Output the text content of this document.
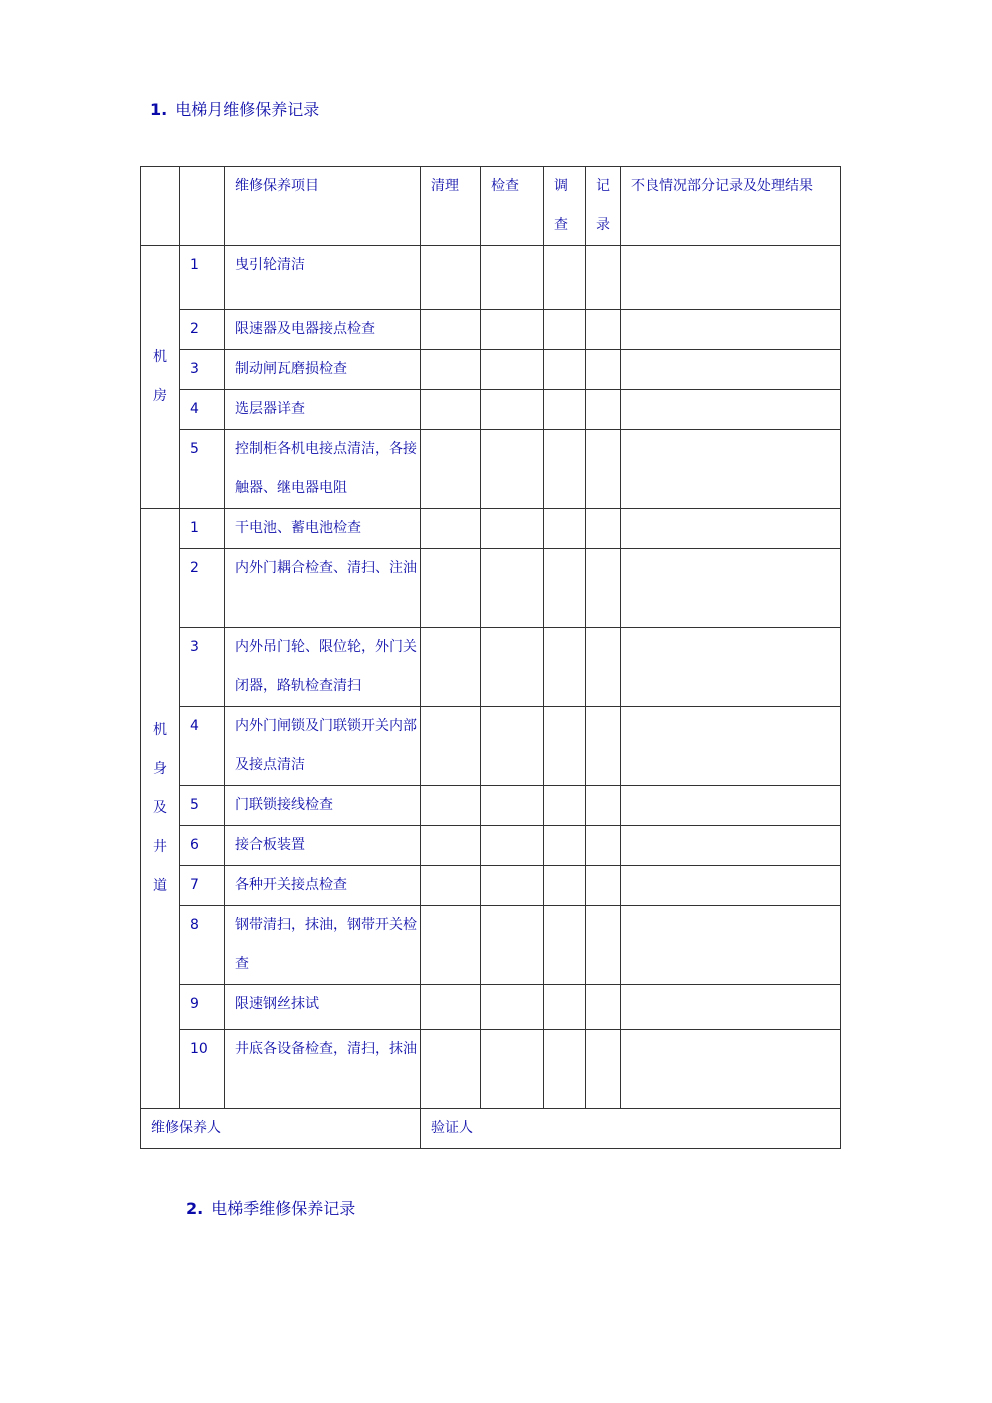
1. 电梯月维修保养记录
		维修保养项目	清理	检查	调查	记录	不良情况部分记录及处理结果
机房	1	曳引轮清洁					
	2	限速器及电器接点检查					
	3	制动闸瓦磨损检查					
	4	选层器详查					
	5	控制柜各机电接点清洁，各接触器、继电器电阻					
机身及井道	1	干电池、蓄电池检查					
	2	内外门耦合检查、清扫、注油					
	3	内外吊门轮、限位轮，外门关闭器，路轨检查清扫					
	4	内外门闸锁及门联锁开关内部及接点清洁					
	5	门联锁接线检查					
	6	接合板装置					
	7	各种开关接点检查					
	8	钢带清扫，抹油，钢带开关检查					
	9	限速钢丝抹试					
	10	井底各设备检查，清扫，抹油					
维修保养人			验证人				
2. 电梯季维修保养记录
